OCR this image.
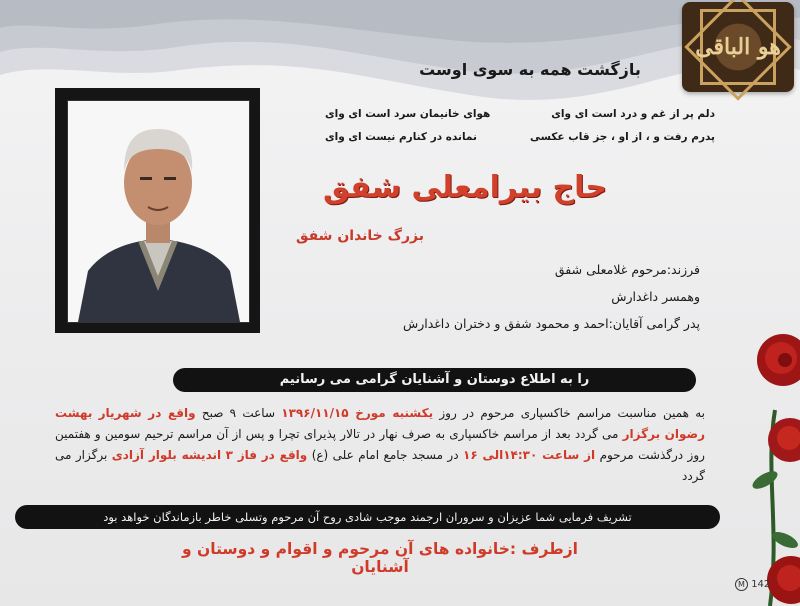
هو الباقی
بازگشت همه به سوی اوست
دلم پر از غم و درد است ای وای
هوای خانیمان سرد است ای وای
پدرم رفت و ، از او ، جز قاب عکسی
نمانده در کنارم نیست ای وای
حاج بیرامعلی شفق
بزرگ خاندان شفق
فرزند:مرحوم غلامعلی شفق
وهمسر داغدارش
پدر گرامی آقایان:احمد و محمود شفق و دختران داغدارش
را به اطلاع دوستان و آشنایان گرامی می رسانیم
به همین مناسبت مراسم خاکسپاری مرحوم در روز یکشنبه مورخ ۱۳۹۶/۱۱/۱۵ ساعت ۹ صبح واقع در شهریار بهشت رضوان برگزار می گردد بعد از مراسم خاکسپاری به صرف نهار در تالار پذیرای تچرا و پس از آن مراسم ترحیم سومین و هفتمین روز درگذشت مرحوم از ساعت ۱۴:۳۰الی ۱۶ در مسجد جامع امام علی (ع) واقع در فاز ۳ اندیشه بلوار آزادی برگزار می گردد
تشریف فرمایی شما عزیزان و سروران ارجمند موجب شادی روح آن مرحوم وتسلی خاطر بازماندگان خواهد بود
ازطرف :خانواده های آن مرحوم و اقوام و دوستان و آشنایان
M 142
